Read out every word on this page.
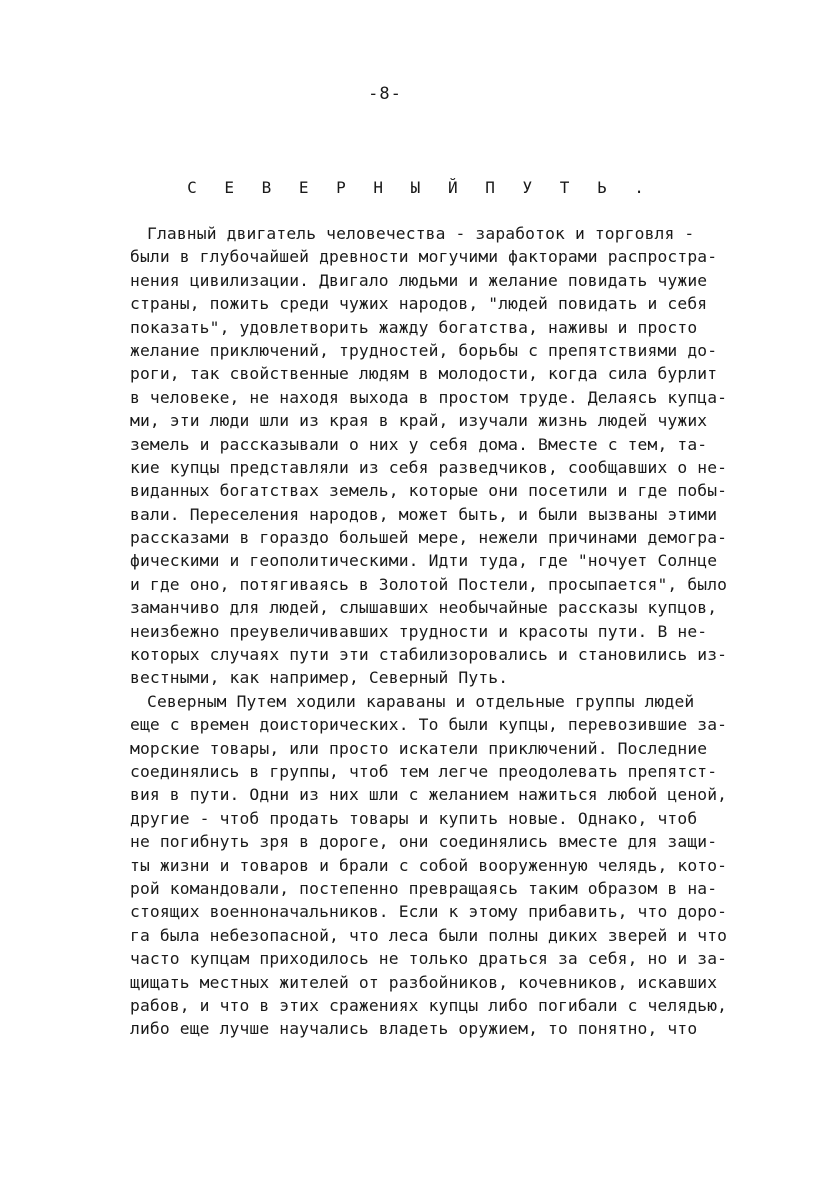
-8-
С Е В Е Р Н Ы Й П У Т Ь .
Главный двигатель человечества - заработок и торговля -
были в глубочайшей древности могучими факторами распростра-
нения цивилизации. Двигало людьми и желание повидать чужие
страны, пожить среди чужих народов, "людей повидать и себя
показать", удовлетворить жажду богатства, наживы и просто
желание приключений, трудностей, борьбы с препятствиями до-
роги, так свойственные людям в молодости, когда сила бурлит
в человеке, не находя выхода в простом труде. Делаясь купца-
ми, эти люди шли из края в край, изучали жизнь людей чужих
земель и рассказывали о них у себя дома. Вместе с тем, та-
кие купцы представляли из себя разведчиков, сообщавших о не-
виданных богатствах земель, которые они посетили и где побы-
вали. Переселения народов, может быть, и были вызваны этими
рассказами в гораздо большей мере, нежели причинами демогра-
фическими и геополитическими. Идти туда, где "ночует Солнце
и где оно, потягиваясь в Золотой Постели, просыпается", было
заманчиво для людей, слышавших необычайные рассказы купцов,
неизбежно преувеличивавших трудности и красоты пути. В не-
которых случаях пути эти стабилизоровались и становились из-
вестными, как например, Северный Путь.
Северным Путем ходили караваны и отдельные группы людей
еще с времен доисторических. То были купцы, перевозившие за-
морские товары, или просто искатели приключений. Последние
соединялись в группы, чтоб тем легче преодолевать препятст-
вия в пути. Одни из них шли с желанием нажиться любой ценой,
другие - чтоб продать товары и купить новые. Однако, чтоб
не погибнуть зря в дороге, они соединялись вместе для защи-
ты жизни и товаров и брали с собой вооруженную челядь, кото-
рой командовали, постепенно превращаясь таким образом в на-
стоящих военноначальников. Если к этому прибавить, что доро-
га была небезопасной, что леса были полны диких зверей и что
часто купцам приходилось не только драться за себя, но и за-
щищать местных жителей от разбойников, кочевников, искавших
рабов, и что в этих сражениях купцы либо погибали с челядью,
либо еще лучше научались владеть оружием, то понятно, что
